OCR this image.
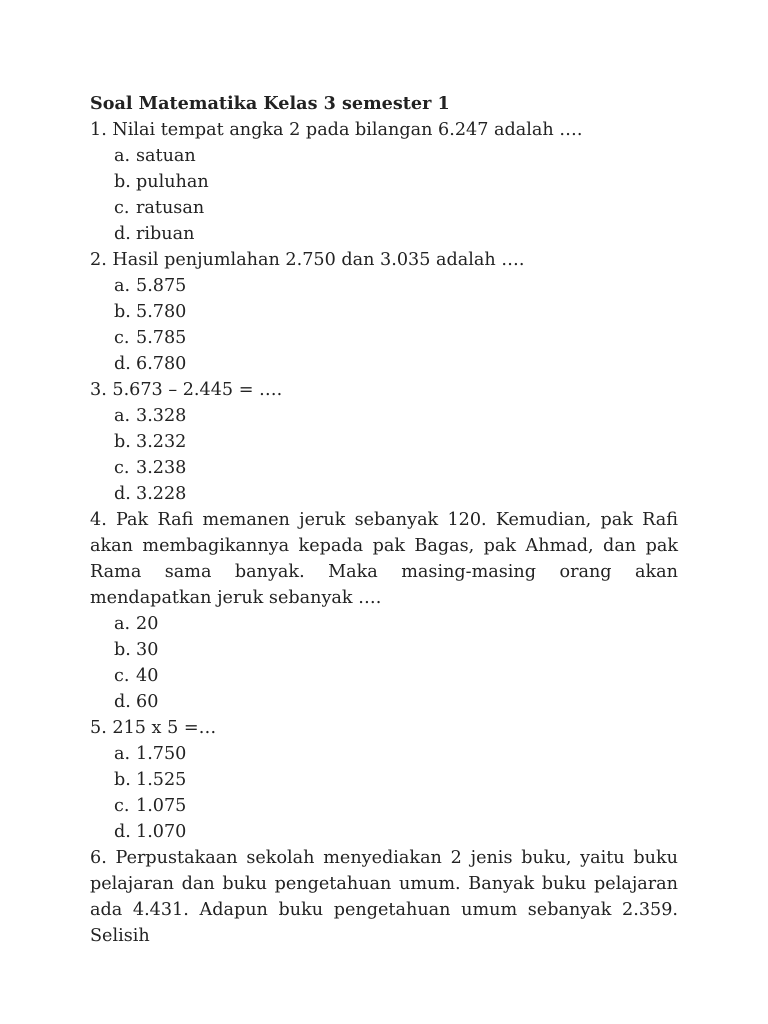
Soal Matematika Kelas 3 semester 1

1. Nilai tempat angka 2 pada bilangan 6.247 adalah ….

a. satuan
b. puluhan
c. ratusan
d. ribuan

2. Hasil penjumlahan 2.750 dan 3.035 adalah ….

a. 5.875
b. 5.780
c. 5.785
d. 6.780

3. 5.673 – 2.445 = ….

a. 3.328
b. 3.232
c. 3.238
d. 3.228

4. Pak Rafi memanen jeruk sebanyak 120. Kemudian, pak Rafi akan membagikannya kepada pak Bagas, pak Ahmad, dan pak Rama sama banyak. Maka masing-masing orang akan mendapatkan jeruk sebanyak ….

a. 20
b. 30
c. 40
d. 60

5. 215 x 5 =…

a. 1.750
b. 1.525
c. 1.075
d. 1.070

6. Perpustakaan sekolah menyediakan 2 jenis buku, yaitu buku pelajaran dan buku pengetahuan umum. Banyak buku pelajaran ada 4.431. Adapun buku pengetahuan umum sebanyak 2.359. Selisih
